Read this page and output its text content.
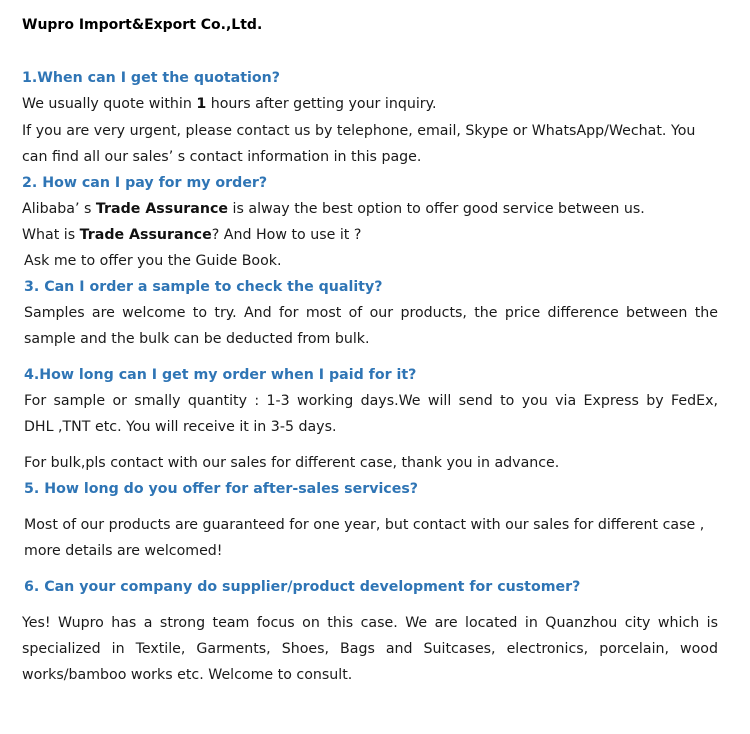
Wupro Import&Export Co.,Ltd.
1.When can I get the quotation?
We usually quote within 1 hours after getting your inquiry.
If you are very urgent, please contact us by telephone, email, Skype or WhatsApp/Wechat. You
can find all our sales’ s contact information in this page.
2. How can I pay for my order?
Alibaba’ s Trade Assurance is alway the best option to offer good service between us.
What is Trade Assurance? And How to use it ?
Ask me to offer you the Guide Book.
3. Can I order a sample to check the quality?
Samples are welcome to try. And for most of our products, the price difference between the
sample and the bulk can be deducted from bulk.
4.How long can I get my order when I paid for it?
For sample or smally quantity : 1-3 working days.We will send to you via Express by FedEx,
DHL ,TNT etc. You will receive it in 3-5 days.
For bulk,pls contact with our sales for different case, thank you in advance.
5. How long do you offer for after-sales services?
Most of our products are guaranteed for one year, but contact with our sales for different case ,
more details are welcomed!
6. Can your company do supplier/product development for customer?
Yes! Wupro has a strong team focus on this case. We are located in Quanzhou city which is
specialized in Textile, Garments, Shoes, Bags and Suitcases, electronics, porcelain, wood
works/bamboo works etc. Welcome to consult.
